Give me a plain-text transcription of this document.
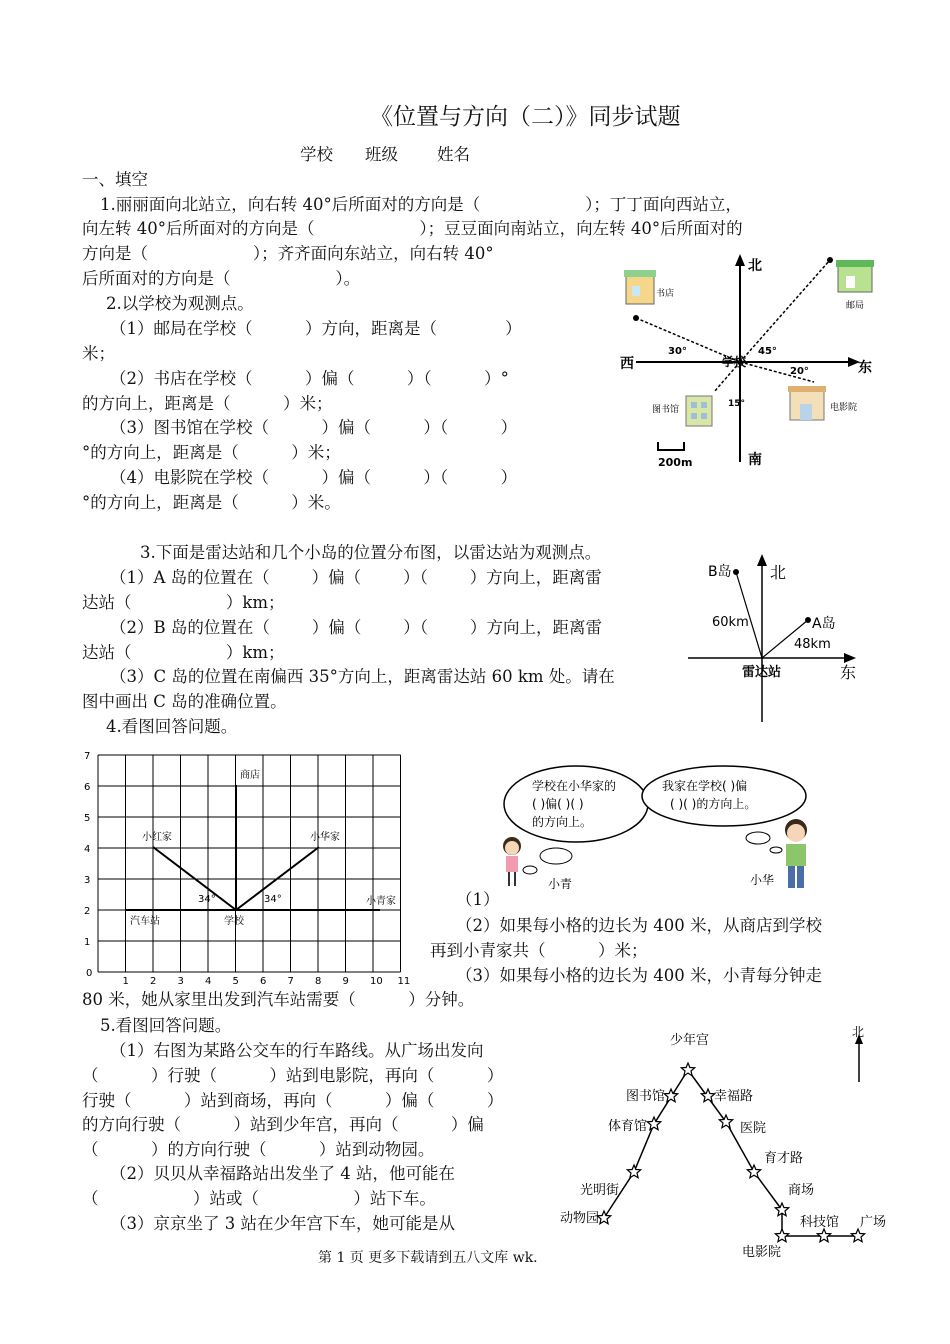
《位置与方向（二）》同步试题
学校 班级 姓名
一、填空
1.丽丽面向北站立，向右转 40°后所面对的方向是（                    ）；丁丁面向西站立，
向左转 40°后所面对的方向是（                    ）；豆豆面向南站立，向左转 40°后所面对的
方向是（                    ）；齐齐面向东站立，向右转 40°
后所面对的方向是（                    ）。
2.以学校为观测点。
（1）邮局在学校（          ）方向，距离是（             ）
米；
（2）书店在学校（          ）偏（          ）（          ）°
的方向上，距离是（          ）米；
（3）图书馆在学校（          ）偏（          ）（          ）
°的方向上，距离是（          ）米；
（4）电影院在学校（          ）偏（          ）（          ）
°的方向上，距离是（          ）米。
200m
北
南
西	东
学校
30°	45°
20°
15°
书店
邮局
图书馆	电影院
3.下面是雷达站和几个小岛的位置分布图，以雷达站为观测点。
（1）A 岛的位置在（        ）偏（        ）（        ）方向上，距离雷
达站（                  ）km；
（2）B 岛的位置在（        ）偏（        ）（        ）方向上，距离雷
达站（                  ）km；
（3）C 岛的位置在南偏西 35°方向上，距离雷达站 60 km 处。请在
图中画出 C 岛的准确位置。
B岛
A岛
北
东
雷达站
60km
48km
4.看图回答问题。
0
1 2 3 4 5 6 7 8 9 10 11
1
2
3
4
5
6
7
商店
小红家	小华家
小青家
汽车站	学校
34°	34°
学校在小华家的
( )偏( )( )
的方向上。
我家在学校( )偏
( )( )的方向上。
小青	小华
（1）
（2）如果每小格的边长为 400 米，从商店到学校
再到小青家共（          ）米；
（3）如果每小格的边长为 400 米，小青每分钟走
80 米，她从家里出发到汽车站需要（          ）分钟。
5.看图回答问题。
（1）右图为某路公交车的行车路线。从广场出发向
（          ）行驶（          ）站到电影院，再向（          ）
行驶（          ）站到商场，再向（          ）偏（          ）
的方向行驶（          ）站到少年宫，再向（          ）偏
（          ）的方向行驶（          ）站到动物园。
（2）贝贝从幸福路站出发坐了 4 站，他可能在
（                  ）站或（                  ）站下车。
（3）京京坐了 3 站在少年宫下车，她可能是从
北
少年宫
图书馆	幸福路
体育馆	医院
育才路
光明街	商场
动物园	科技馆 广场
电影院
第 1 页 更多下载请到五八文库 wk.
